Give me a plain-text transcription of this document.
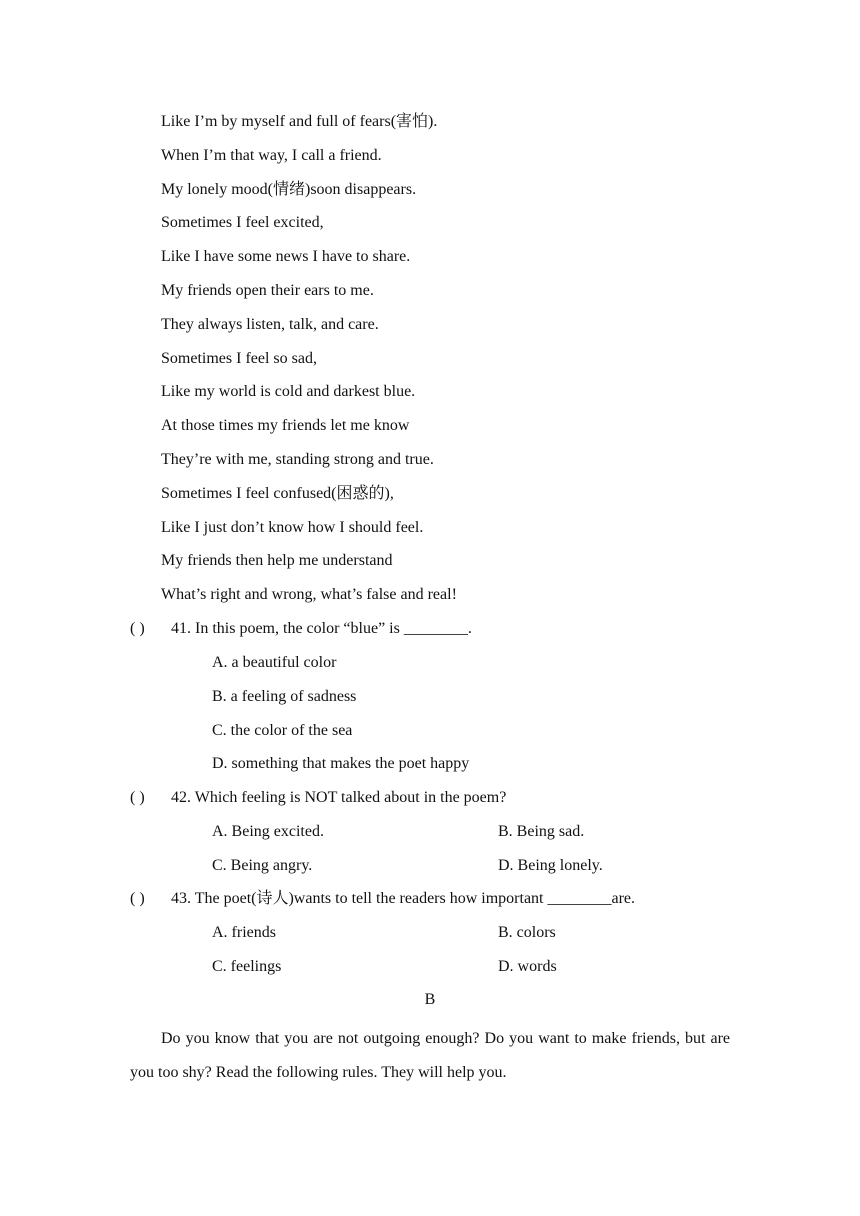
Like I’m by myself and full of fears(害怕).
When I’m that way, I call a friend.
My lonely mood(情绪)soon disappears.
Sometimes I feel excited,
Like I have some news I have to share.
My friends open their ears to me.
They always listen, talk, and care.
Sometimes I feel so sad,
Like my world is cold and darkest blue.
At those times my friends let me know
They’re with me, standing strong and true.
Sometimes I feel confused(困惑的),
Like I just don’t know how I should feel.
My friends then help me understand
What’s right and wrong, what’s false and real!
( ) 41. In this poem, the color “blue” is ________.
A. a beautiful color
B. a feeling of sadness
C. the color of the sea
D. something that makes the poet happy
( ) 42. Which feeling is NOT talked about in the poem?
A. Being excited.	B. Being sad.
C. Being angry.	D. Being lonely.
( ) 43. The poet(诗人)wants to tell the readers how important ________are.
A. friends	B. colors
C. feelings	D. words
B

Do you know that you are not outgoing enough? Do you want to make friends, but are you too shy? Read the following rules. They will help you.
